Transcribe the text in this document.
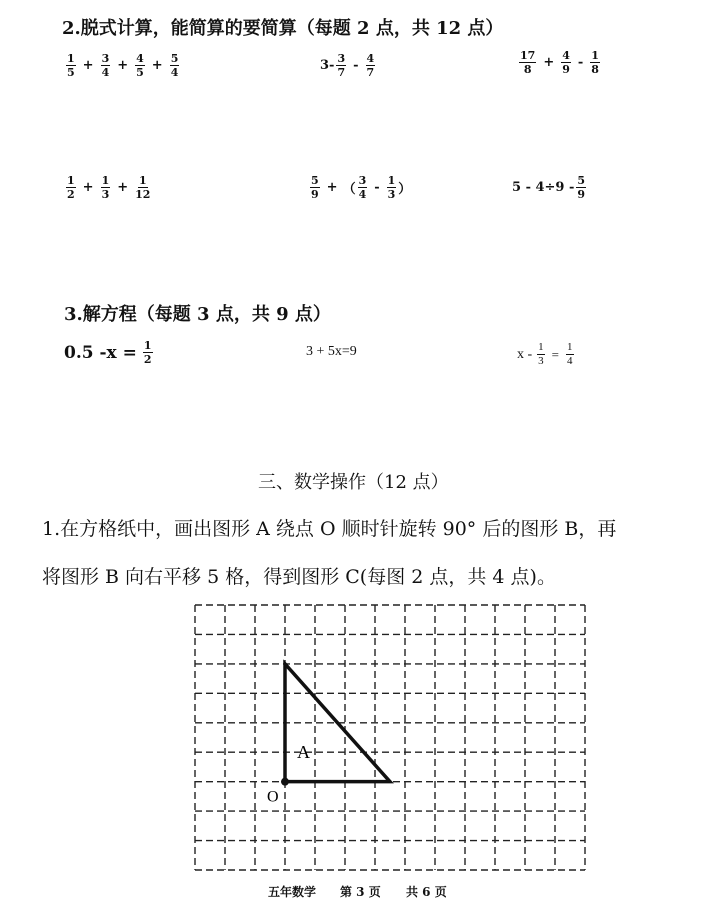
2.脱式计算，能简算的要简算（每题 2 点，共 12 点）
$\frac{1}{5} + \frac{3}{4} + \frac{4}{5} + \frac{5}{4}$	$3- \frac{3}{7} - \frac{4}{7}$	$\frac{17}{8} + \frac{4}{9} - \frac{1}{8}$
$\frac{1}{2} + \frac{1}{3} + \frac{1}{12}$	$\frac{5}{9}$ + （ $\frac{3}{4} - \frac{1}{3}$ ）	$5 - 4\div 9 - \frac{5}{9}$
3.解方程（每题 3 点，共 9 点）
0.5 $-x = \frac{1}{2}$	3 + 5x=9	$x - \frac{1}{3} = \frac{1}{4}$
三、数学操作（12 点）
1.在方格纸中，画出图形 A 绕点 O 顺时针旋转 90° 后的图形 B，再
将图形 B 向右平移 5 格，得到图形 C(每图 2 点，共 4 点)。
A
O
五年数学 第 3 页 共 6 页
